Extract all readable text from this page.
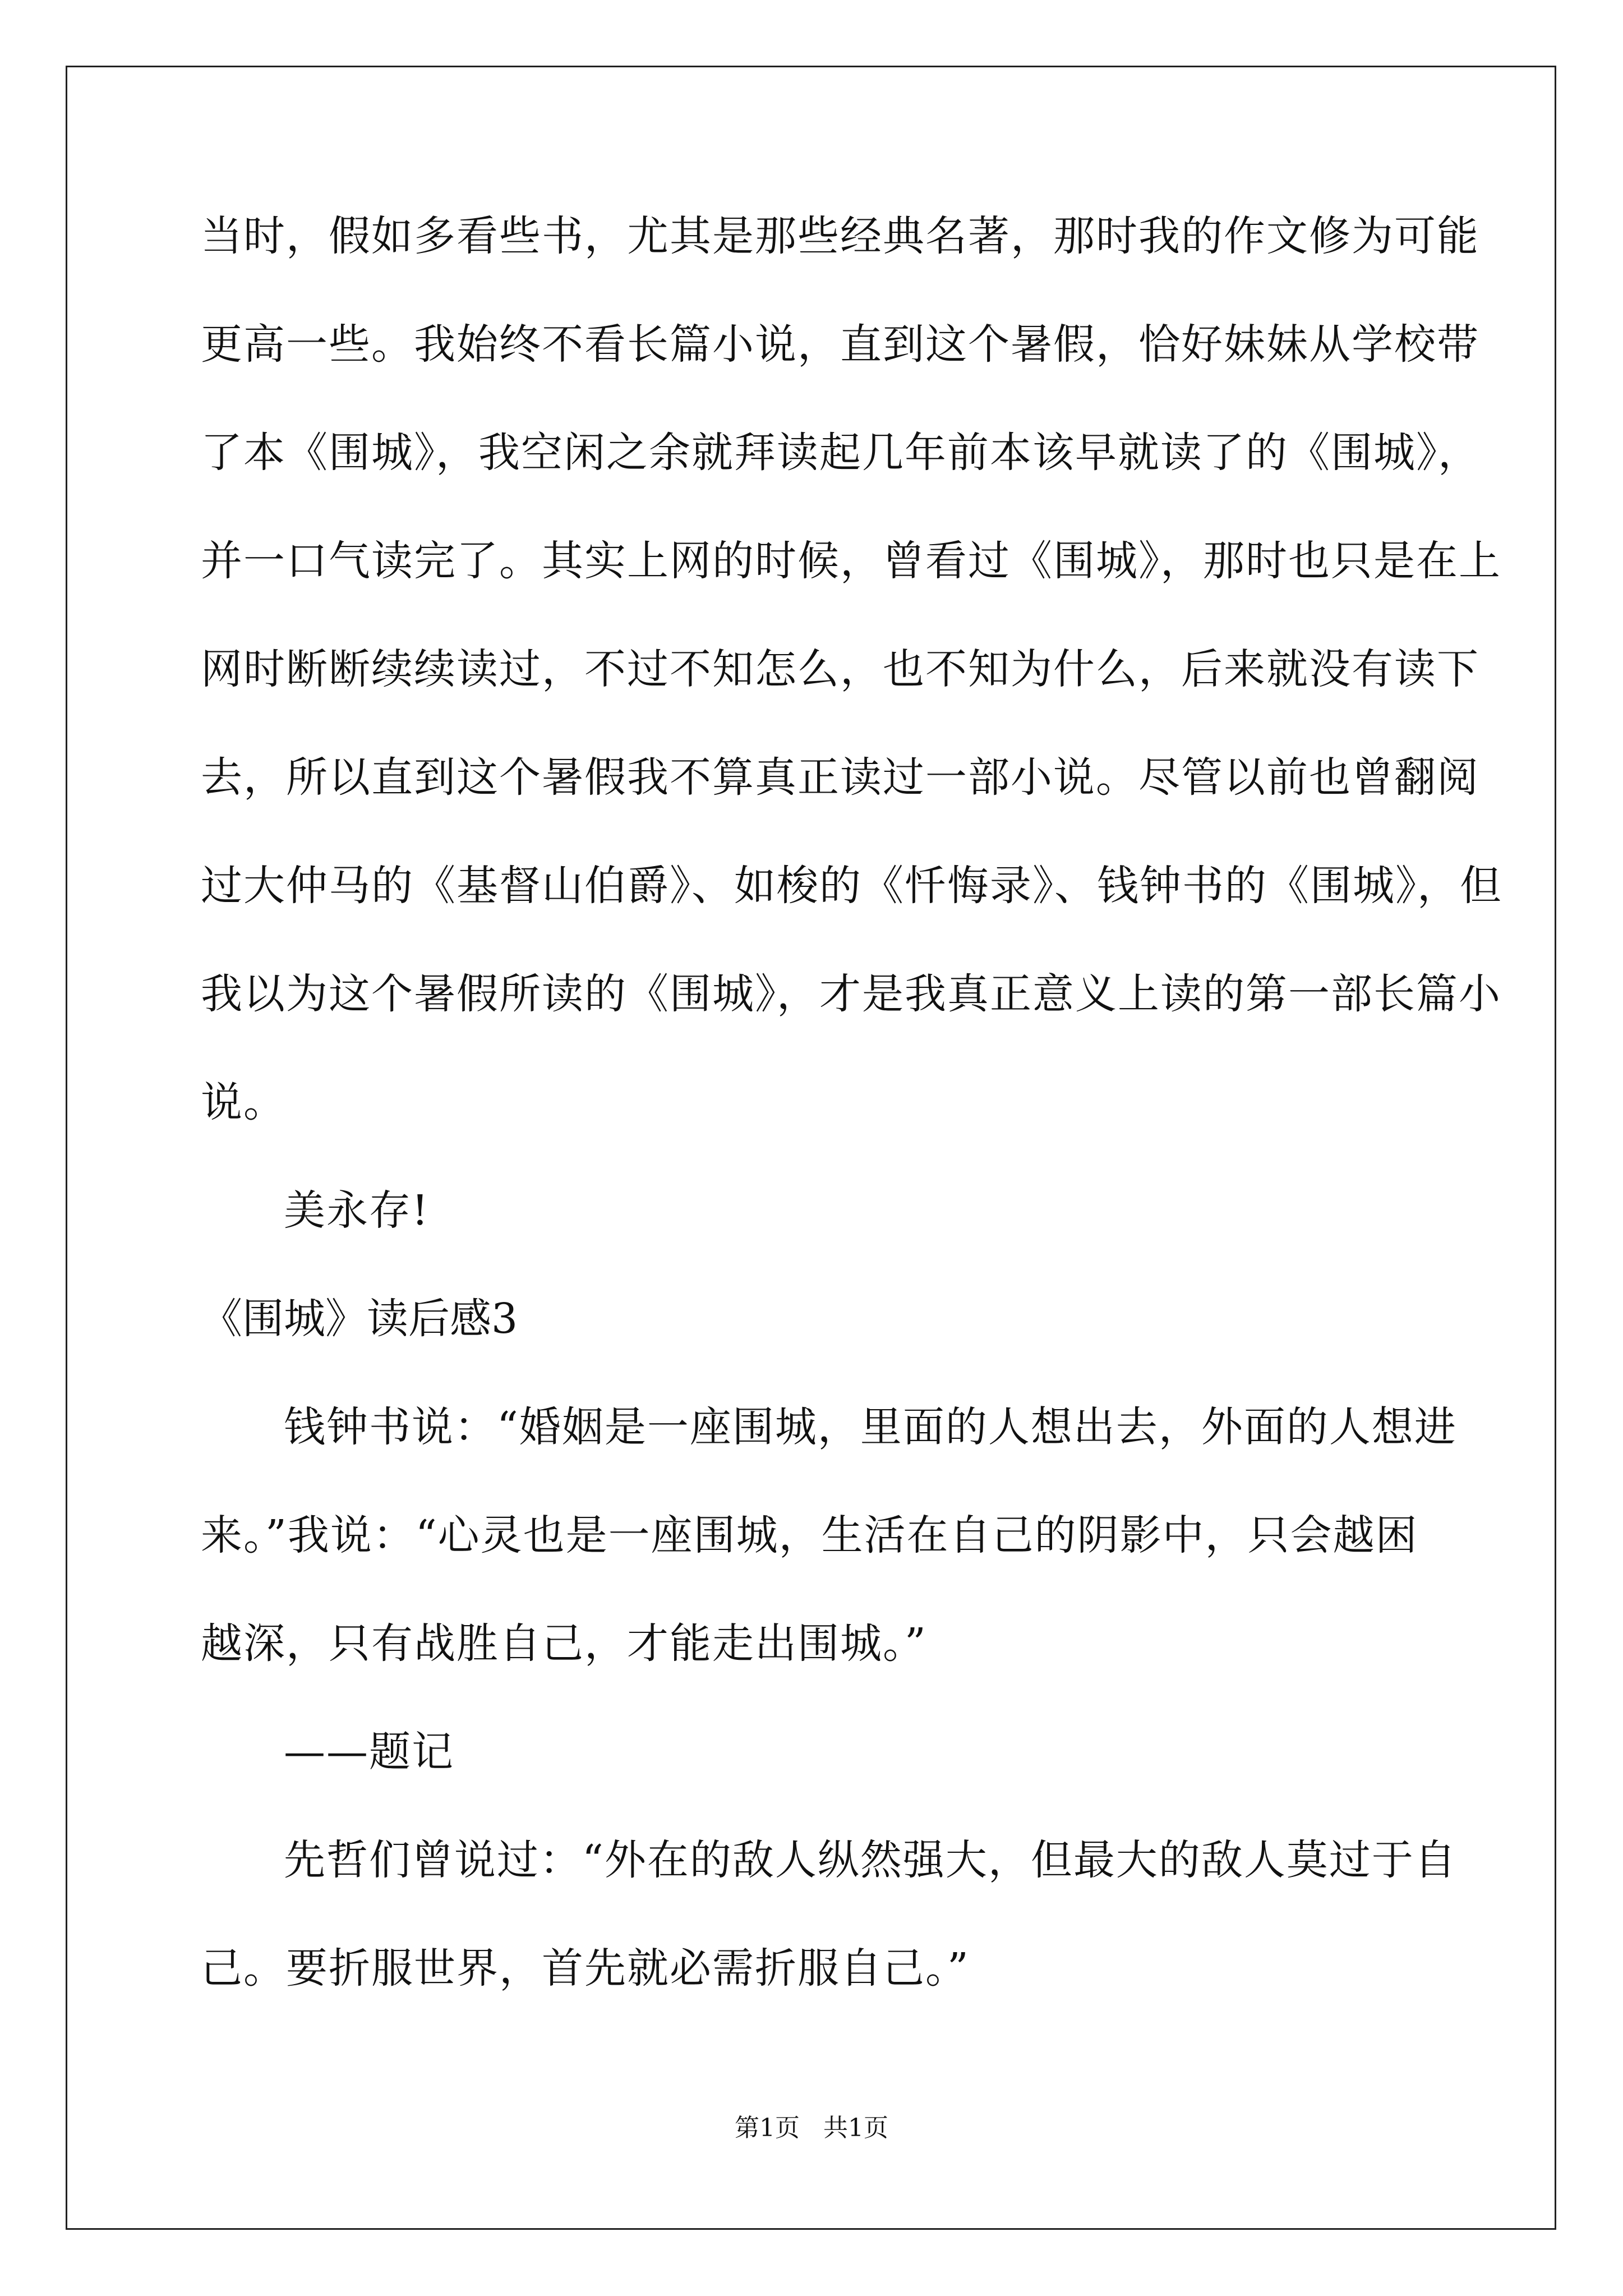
当时，假如多看些书，尤其是那些经典名著，那时我的作文修为可能
更高一些。我始终不看长篇小说，直到这个暑假，恰好妹妹从学校带
了本《围城》，我空闲之余就拜读起几年前本该早就读了的《围城》，
并一口气读完了。其实上网的时候，曾看过《围城》，那时也只是在上
网时断断续续读过，不过不知怎么，也不知为什么，后来就没有读下
去，所以直到这个暑假我不算真正读过一部小说。尽管以前也曾翻阅
过大仲马的《基督山伯爵》、如梭的《忏悔录》、钱钟书的《围城》，但
我以为这个暑假所读的《围城》，才是我真正意义上读的第一部长篇小
说。
美永存!
《围城》读后感3
钱钟书说：“婚姻是一座围城，里面的人想出去，外面的人想进
来。”我说：“心灵也是一座围城，生活在自己的阴影中，只会越困
越深，只有战胜自己，才能走出围城。”
——题记
先哲们曾说过：“外在的敌人纵然强大，但最大的敌人莫过于自
己。要折服世界，首先就必需折服自己。”
第1页   共1页
